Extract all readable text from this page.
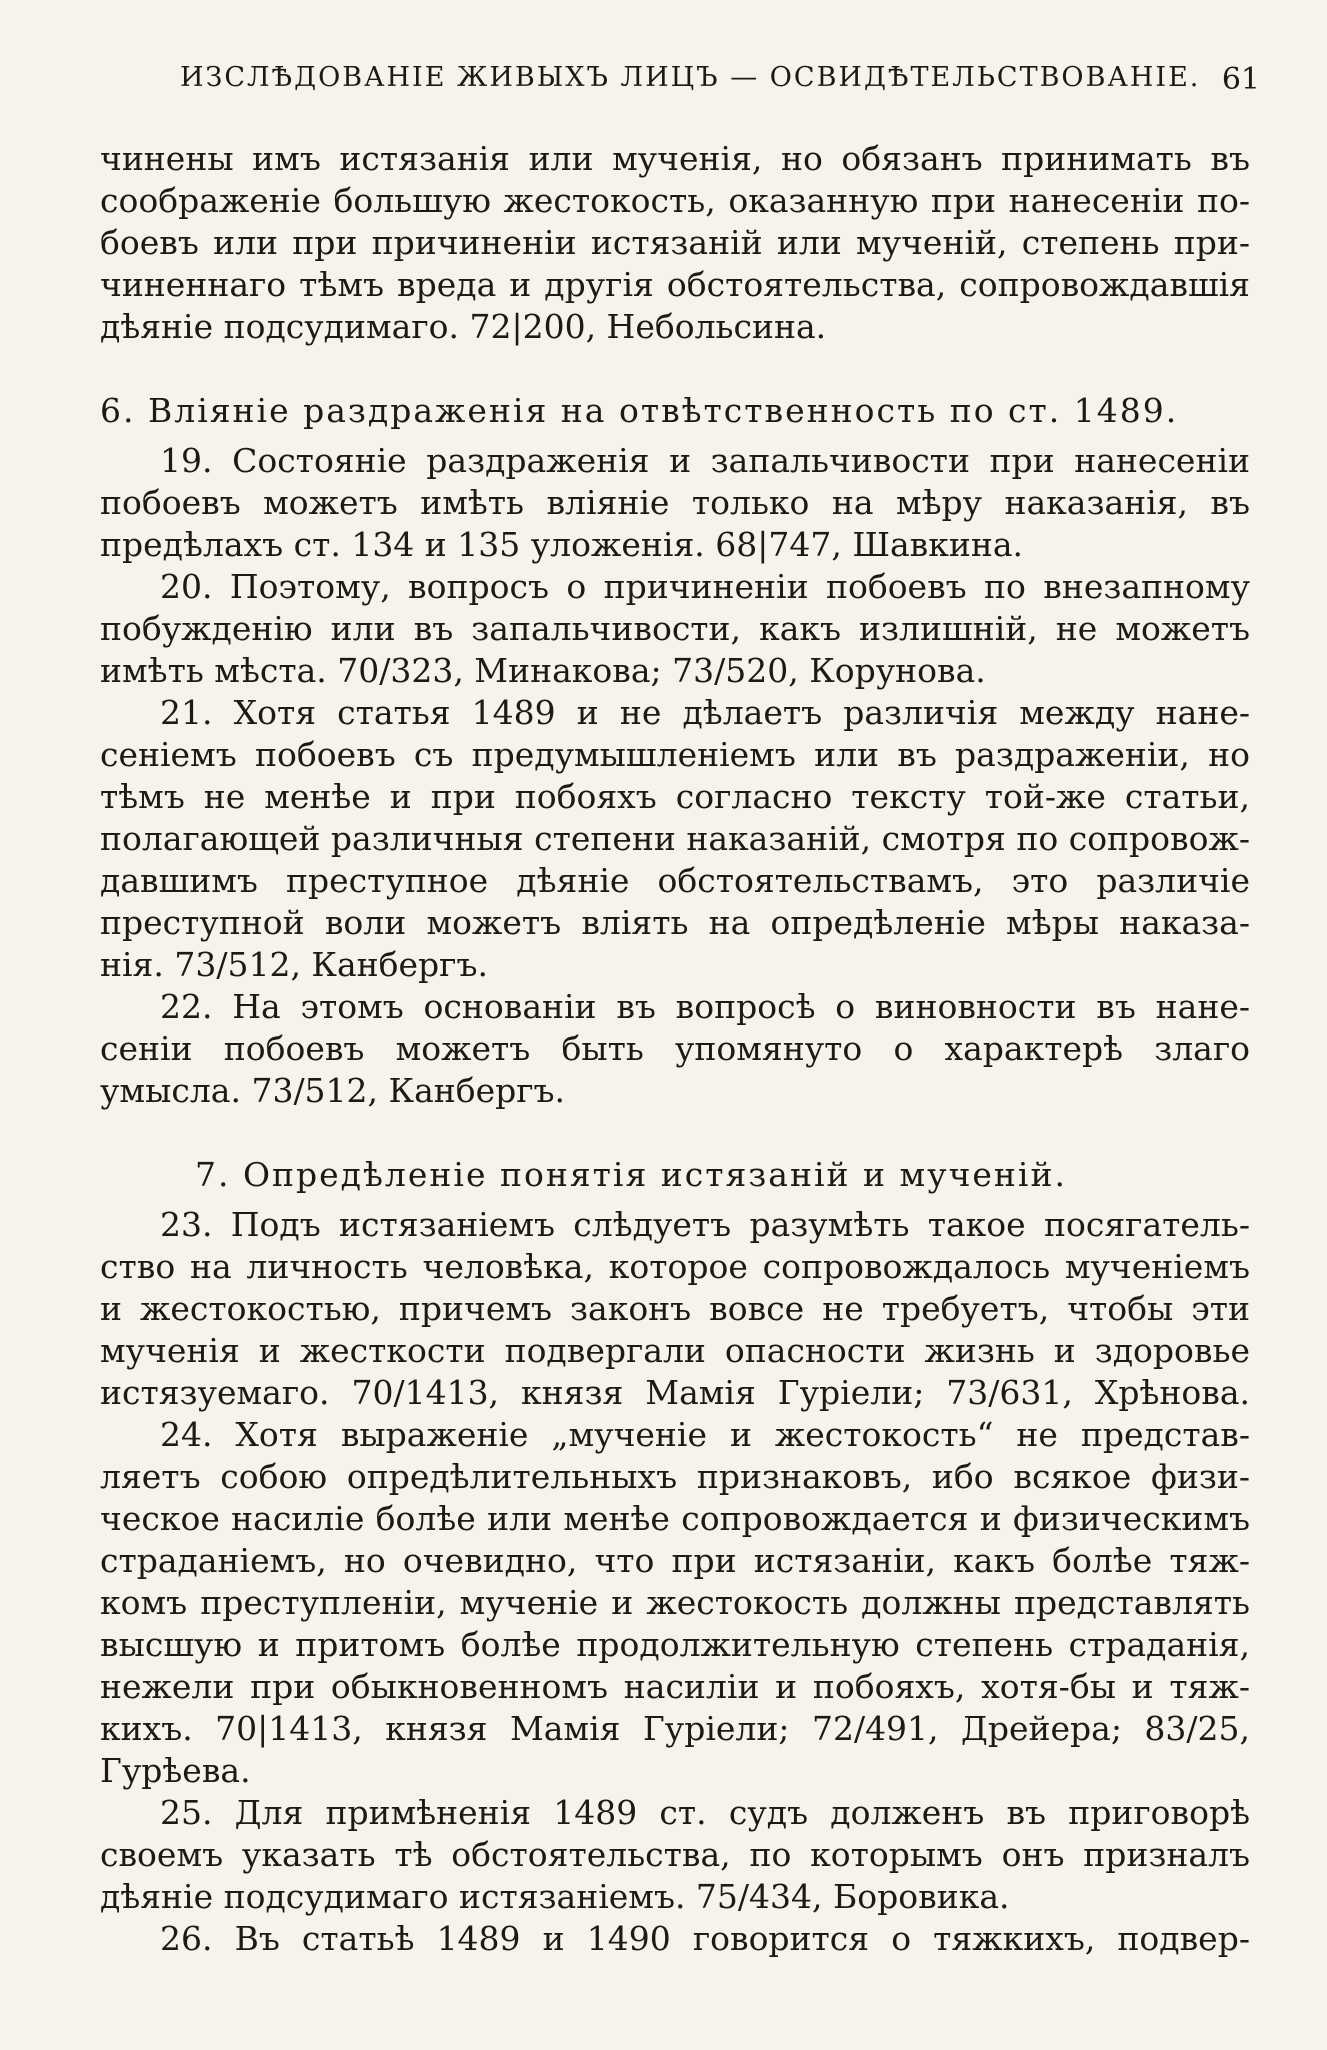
ИЗСЛѢДОВАНІЕ ЖИВЫХЪ ЛИЦЪ — ОСВИДѢТЕЛЬСТВОВАНІЕ. 61
чинены имъ истязанія или мученія, но обязанъ принимать въ
соображеніе большую жестокость, оказанную при нанесеніи по-
боевъ или при причиненіи истязаній или мученій, степень при-
чиненнаго тѣмъ вреда и другія обстоятельства, сопровождавшія
дѣяніе подсудимаго. 72|200, Небольсина.
6. Вліяніе раздраженія на отвѣтственность по ст. 1489.
19. Состояніе раздраженія и запальчивости при нанесеніи
побоевъ можетъ имѣть вліяніе только на мѣру наказанія, въ
предѣлахъ ст. 134 и 135 уложенія. 68|747, Шавкина.
20. Поэтому, вопросъ о причиненіи побоевъ по внезапному
побужденію или въ запальчивости, какъ излишній, не можетъ
имѣть мѣста. 70/323, Минакова; 73/520, Корунова.
21. Хотя статья 1489 и не дѣлаетъ различія между нане-
сеніемъ побоевъ съ предумышленіемъ или въ раздраженіи, но
тѣмъ не менѣе и при побояхъ согласно тексту той-же статьи,
полагающей различныя степени наказаній, смотря по сопровож-
давшимъ преступное дѣяніе обстоятельствамъ, это различіе
преступной воли можетъ влiять на опредѣленіе мѣры наказа-
нія. 73/512, Канбергъ.
22. На этомъ основаніи въ вопросѣ о виновности въ нане-
сеніи побоевъ можетъ быть упомянуто о характерѣ злаго
умысла. 73/512, Канбергъ.
7. Опредѣленіе понятія истязаній и мученій.
23. Подъ истязаніемъ слѣдуетъ разумѣть такое посягатель-
ство на личность человѣка, которое сопровождалось мученіемъ
и жестокостью, причемъ законъ вовсе не требуетъ, чтобы эти
мученія и жесткости подвергали опасности жизнь и здоровье
истязуемаго. 70/1413, князя Мамія Гуріели; 73/631, Хрѣнова.
24. Хотя выраженіе „мученіе и жестокость“ не представ-
ляетъ собою опредѣлительныхъ признаковъ, ибо всякое физи-
ческое насиліе болѣе или менѣе сопровождается и физическимъ
страданіемъ, но очевидно, что при истязаніи, какъ болѣе тяж-
комъ преступленіи, мученіе и жестокость должны представлять
высшую и притомъ болѣе продолжительную степень страданія,
нежели при обыкновенномъ насиліи и побояхъ, хотя-бы и тяж-
кихъ. 70|1413, князя Мамія Гуріели; 72/491, Дрейера; 83/25,
Гурѣева.
25. Для примѣненія 1489 ст. судъ долженъ въ приговорѣ
своемъ указать тѣ обстоятельства, по которымъ онъ призналъ
дѣяніе подсудимаго истязаніемъ. 75/434, Боровика.
26. Въ статьѣ 1489 и 1490 говорится о тяжкихъ, подвер-
